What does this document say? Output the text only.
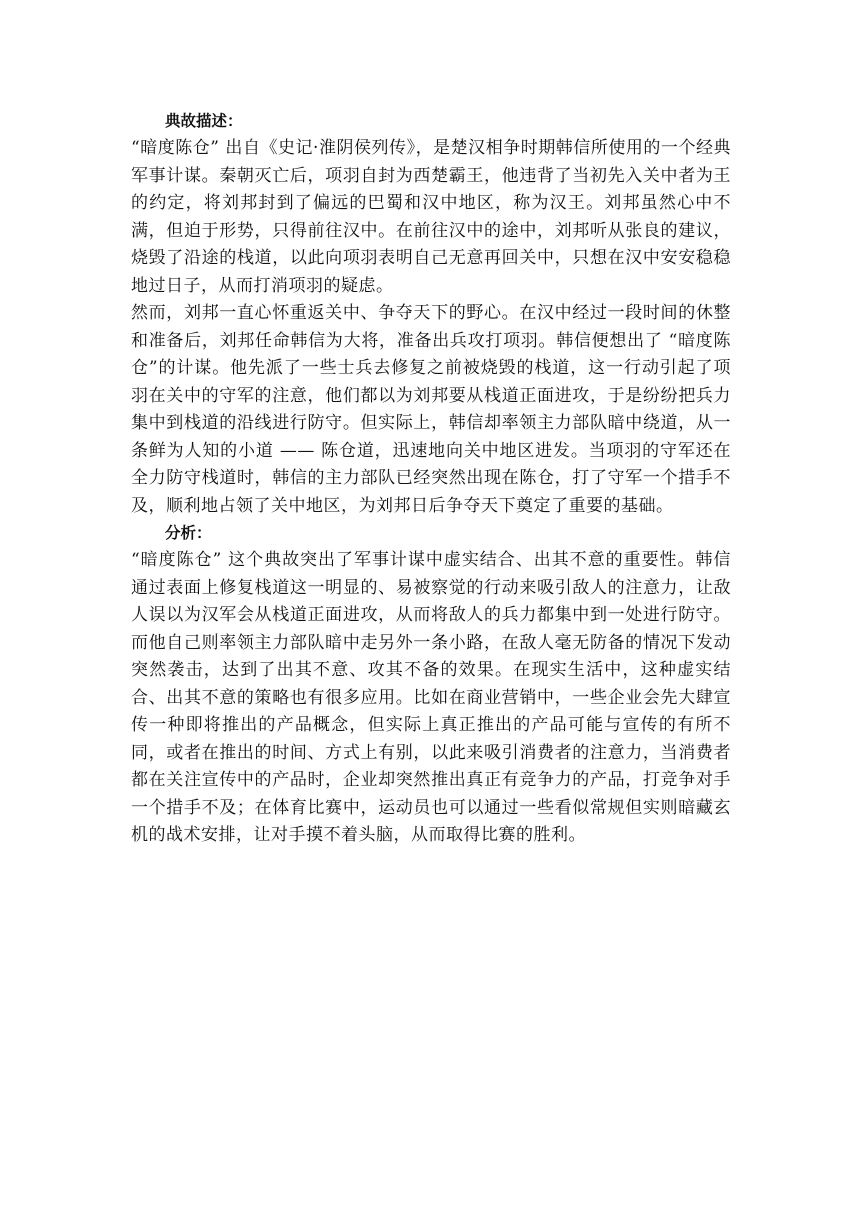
典故描述：

“暗度陈仓” 出自《史记·淮阴侯列传》，是楚汉相争时期韩信所使用的一个经典军事计谋。秦朝灭亡后，项羽自封为西楚霸王，他违背了当初先入关中者为王的约定，将刘邦封到了偏远的巴蜀和汉中地区，称为汉王。刘邦虽然心中不满，但迫于形势，只得前往汉中。在前往汉中的途中，刘邦听从张良的建议，烧毁了沿途的栈道，以此向项羽表明自己无意再回关中，只想在汉中安安稳稳地过日子，从而打消项羽的疑虑。

然而，刘邦一直心怀重返关中、争夺天下的野心。在汉中经过一段时间的休整和准备后，刘邦任命韩信为大将，准备出兵攻打项羽。韩信便想出了 “暗度陈仓”的计谋。他先派了一些士兵去修复之前被烧毁的栈道，这一行动引起了项羽在关中的守军的注意，他们都以为刘邦要从栈道正面进攻，于是纷纷把兵力集中到栈道的沿线进行防守。但实际上，韩信却率领主力部队暗中绕道，从一条鲜为人知的小道 —— 陈仓道，迅速地向关中地区进发。当项羽的守军还在全力防守栈道时，韩信的主力部队已经突然出现在陈仓，打了守军一个措手不及，顺利地占领了关中地区，为刘邦日后争夺天下奠定了重要的基础。

分析：

“暗度陈仓” 这个典故突出了军事计谋中虚实结合、出其不意的重要性。韩信通过表面上修复栈道这一明显的、易被察觉的行动来吸引敌人的注意力，让敌人误以为汉军会从栈道正面进攻，从而将敌人的兵力都集中到一处进行防守。而他自己则率领主力部队暗中走另外一条小路，在敌人毫无防备的情况下发动突然袭击，达到了出其不意、攻其不备的效果。在现实生活中，这种虚实结合、出其不意的策略也有很多应用。比如在商业营销中，一些企业会先大肆宣传一种即将推出的产品概念，但实际上真正推出的产品可能与宣传的有所不同，或者在推出的时间、方式上有别，以此来吸引消费者的注意力，当消费者都在关注宣传中的产品时，企业却突然推出真正有竞争力的产品，打竞争对手一个措手不及；在体育比赛中，运动员也可以通过一些看似常规但实则暗藏玄机的战术安排，让对手摸不着头脑，从而取得比赛的胜利。
